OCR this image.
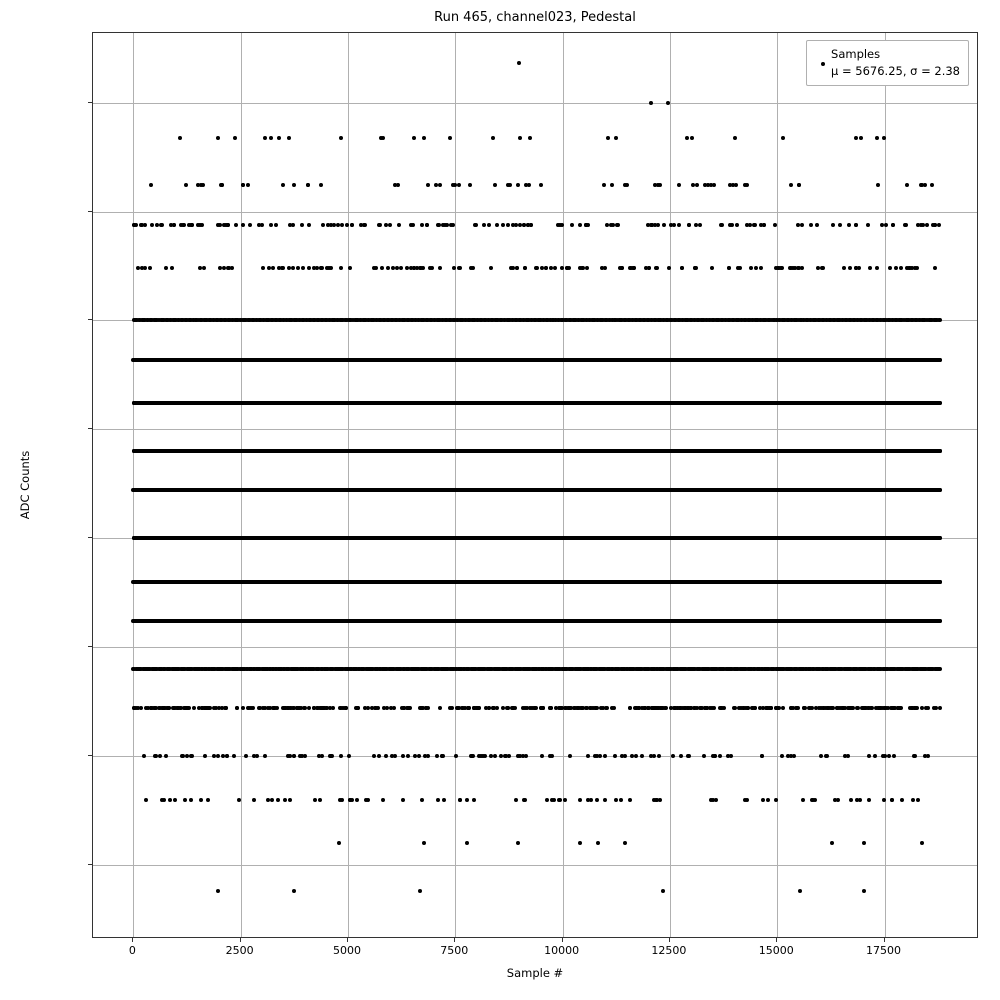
Run 465, channel023, Pedestal
ADC Counts
Sample #
Samples
μ = 5676.25, σ = 2.38
0	2500	5000	7500	10000	12500	15000	17500
